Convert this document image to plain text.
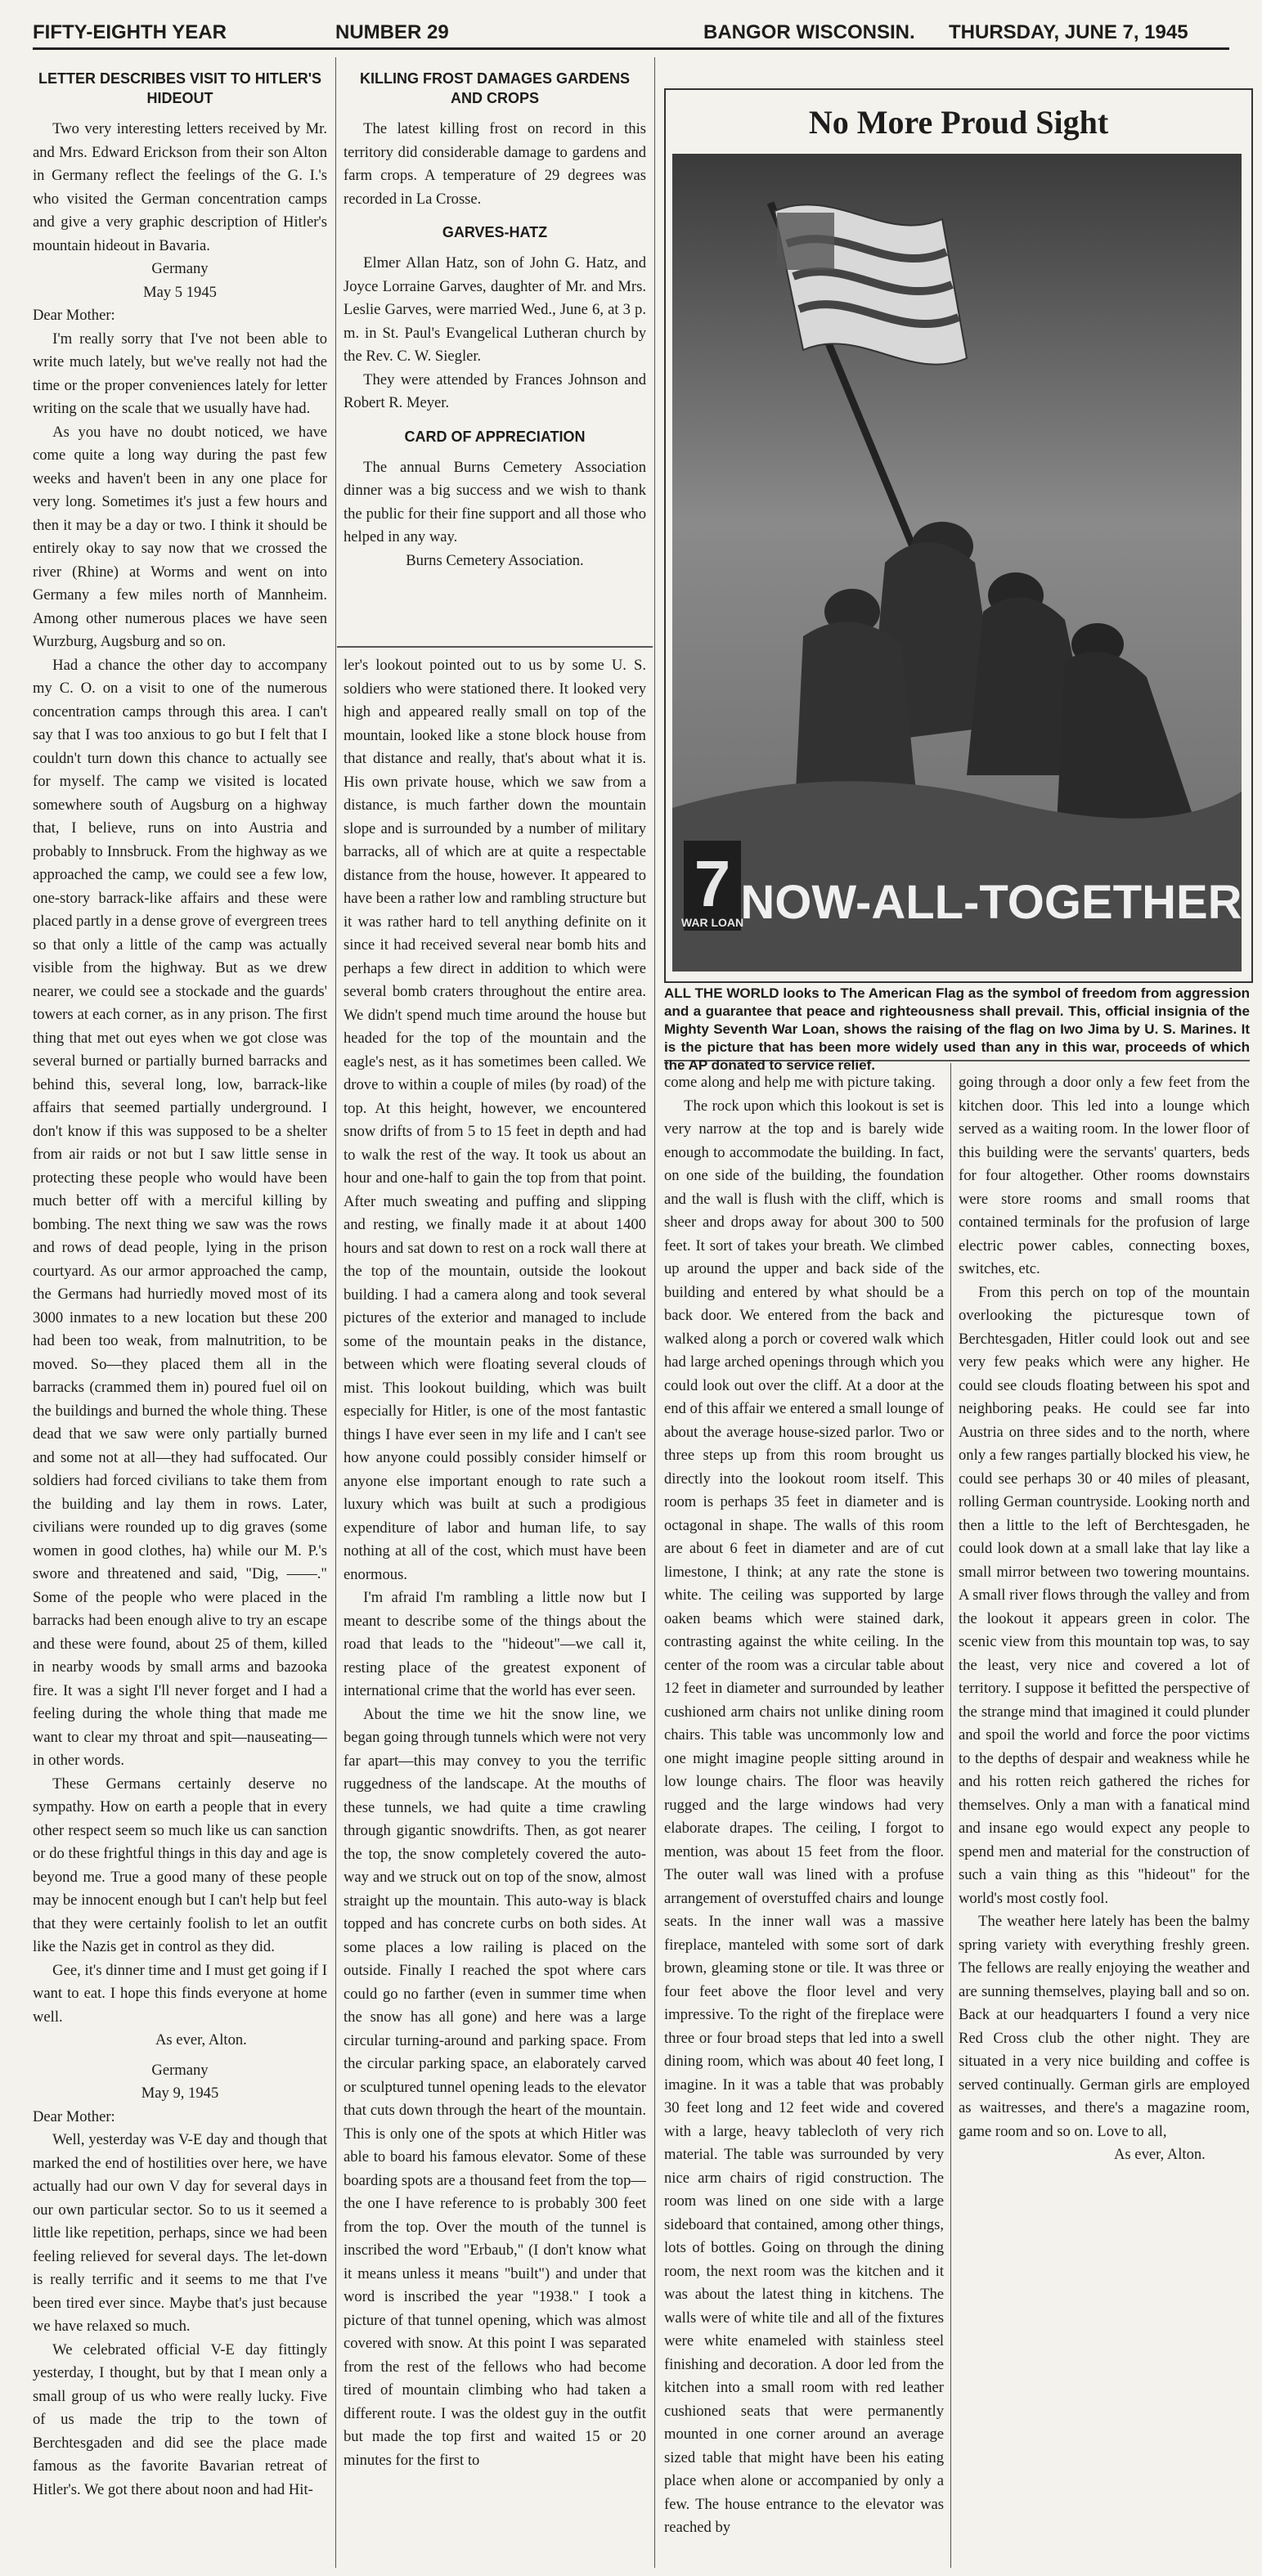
FIFTY-EIGHTH YEAR	NUMBER 29	BANGOR WISCONSIN. THURSDAY, JUNE 7, 1945
LETTER DESCRIBES VISIT TO HITLER'S HIDEOUT

Two very interesting letters received by Mr. and Mrs. Edward Erickson from their son Alton in Germany reflect the feelings of the G. I.'s who visited the German concentration camps and give a very graphic description of Hitler's mountain hideout in Bavaria.

Germany

May 5 1945

Dear Mother:

I'm really sorry that I've not been able to write much lately, but we've really not had the time or the proper conveniences lately for letter writing on the scale that we usually have had.

As you have no doubt noticed, we have come quite a long way during the past few weeks and haven't been in any one place for very long. Sometimes it's just a few hours and then it may be a day or two. I think it should be entirely okay to say now that we crossed the river (Rhine) at Worms and went on into Germany a few miles north of Mannheim. Among other numerous places we have seen Wurzburg, Augsburg and so on.

Had a chance the other day to accompany my C. O. on a visit to one of the numerous concentration camps through this area. I can't say that I was too anxious to go but I felt that I couldn't turn down this chance to actually see for myself. The camp we visited is located somewhere south of Augsburg on a highway that, I believe, runs on into Austria and probably to Innsbruck. From the highway as we approached the camp, we could see a few low, one-story barrack-like affairs and these were placed partly in a dense grove of evergreen trees so that only a little of the camp was actually visible from the highway. But as we drew nearer, we could see a stockade and the guards' towers at each corner, as in any prison. The first thing that met out eyes when we got close was several burned or partially burned barracks and behind this, several long, low, barrack-like affairs that seemed partially underground. I don't know if this was supposed to be a shelter from air raids or not but I saw little sense in protecting these people who would have been much better off with a merciful killing by bombing. The next thing we saw was the rows and rows of dead people, lying in the prison courtyard. As our armor approached the camp, the Germans had hurriedly moved most of its 3000 inmates to a new location but these 200 had been too weak, from malnutrition, to be moved. So—they placed them all in the barracks (crammed them in) poured fuel oil on the buildings and burned the whole thing. These dead that we saw were only partially burned and some not at all—they had suffocated. Our soldiers had forced civilians to take them from the building and lay them in rows. Later, civilians were rounded up to dig graves (some women in good clothes, ha) while our M. P.'s swore and threatened and said, "Dig, ——." Some of the people who were placed in the barracks had been enough alive to try an escape and these were found, about 25 of them, killed in nearby woods by small arms and bazooka fire. It was a sight I'll never forget and I had a feeling during the whole thing that made me want to clear my throat and spit—nauseating—in other words.

These Germans certainly deserve no sympathy. How on earth a people that in every other respect seem so much like us can sanction or do these frightful things in this day and age is beyond me. True a good many of these people may be innocent enough but I can't help but feel that they were certainly foolish to let an outfit like the Nazis get in control as they did.

Gee, it's dinner time and I must get going if I want to eat. I hope this finds everyone at home well.

As ever, Alton.

Germany

May 9, 1945

Dear Mother:

Well, yesterday was V-E day and though that marked the end of hostilities over here, we have actually had our own V day for several days in our own particular sector. So to us it seemed a little like repetition, perhaps, since we had been feeling relieved for several days. The let-down is really terrific and it seems to me that I've been tired ever since. Maybe that's just because we have relaxed so much.

We celebrated official V-E day fittingly yesterday, I thought, but by that I mean only a small group of us who were really lucky. Five of us made the trip to the town of Berchtesgaden and did see the place made famous as the favorite Bavarian retreat of Hitler's. We got there about noon and had Hit-

KILLING FROST DAMAGES GARDENS AND CROPS

The latest killing frost on record in this territory did considerable damage to gardens and farm crops. A temperature of 29 degrees was recorded in La Crosse.

GARVES-HATZ

Elmer Allan Hatz, son of John G. Hatz, and Joyce Lorraine Garves, daughter of Mr. and Mrs. Leslie Garves, were married Wed., June 6, at 3 p. m. in St. Paul's Evangelical Lutheran church by the Rev. C. W. Siegler.

They were attended by Frances Johnson and Robert R. Meyer.

CARD OF APPRECIATION

The annual Burns Cemetery Association dinner was a big success and we wish to thank the public for their fine support and all those who helped in any way.

Burns Cemetery Association.

ler's lookout pointed out to us by some U. S. soldiers who were stationed there. It looked very high and appeared really small on top of the mountain, looked like a stone block house from that distance and really, that's about what it is. His own private house, which we saw from a distance, is much farther down the mountain slope and is surrounded by a number of military barracks, all of which are at quite a respectable distance from the house, however. It appeared to have been a rather low and rambling structure but it was rather hard to tell anything definite on it since it had received several near bomb hits and perhaps a few direct in addition to which were several bomb craters throughout the entire area. We didn't spend much time around the house but headed for the top of the mountain and the eagle's nest, as it has sometimes been called. We drove to within a couple of miles (by road) of the top. At this height, however, we encountered snow drifts of from 5 to 15 feet in depth and had to walk the rest of the way. It took us about an hour and one-half to gain the top from that point. After much sweating and puffing and slipping and resting, we finally made it at about 1400 hours and sat down to rest on a rock wall there at the top of the mountain, outside the lookout building. I had a camera along and took several pictures of the exterior and managed to include some of the mountain peaks in the distance, between which were floating several clouds of mist. This lookout building, which was built especially for Hitler, is one of the most fantastic things I have ever seen in my life and I can't see how anyone could possibly consider himself or anyone else important enough to rate such a luxury which was built at such a prodigious expenditure of labor and human life, to say nothing at all of the cost, which must have been enormous.

I'm afraid I'm rambling a little now but I meant to describe some of the things about the road that leads to the "hideout"—we call it, resting place of the greatest exponent of international crime that the world has ever seen.

About the time we hit the snow line, we began going through tunnels which were not very far apart—this may convey to you the terrific ruggedness of the landscape. At the mouths of these tunnels, we had quite a time crawling through gigantic snowdrifts. Then, as got nearer the top, the snow completely covered the auto-way and we struck out on top of the snow, almost straight up the mountain. This auto-way is black topped and has concrete curbs on both sides. At some places a low railing is placed on the outside. Finally I reached the spot where cars could go no farther (even in summer time when the snow has all gone) and here was a large circular turning-around and parking space. From the circular parking space, an elaborately carved or sculptured tunnel opening leads to the elevator that cuts down through the heart of the mountain. This is only one of the spots at which Hitler was able to board his famous elevator. Some of these boarding spots are a thousand feet from the top—the one I have reference to is probably 300 feet from the top. Over the mouth of the tunnel is inscribed the word "Erbaub," (I don't know what it means unless it means "built") and under that word is inscribed the year "1938." I took a picture of that tunnel opening, which was almost covered with snow. At this point I was separated from the rest of the fellows who had become tired of mountain climbing who had taken a different route. I was the oldest guy in the outfit but made the top first and waited 15 or 20 minutes for the first to

No More Proud Sight
7
WAR LOAN
NOW-ALL-TOGETHER
ALL THE WORLD looks to The American Flag as the symbol of freedom from aggression and a guarantee that peace and righteousness shall prevail. This, official insignia of the Mighty Seventh War Loan, shows the raising of the flag on Iwo Jima by U. S. Marines. It is the picture that has been more widely used than any in this war, proceeds of which the AP donated to service relief.

come along and help me with picture taking.

The rock upon which this lookout is set is very narrow at the top and is barely wide enough to accommodate the building. In fact, on one side of the building, the foundation and the wall is flush with the cliff, which is sheer and drops away for about 300 to 500 feet. It sort of takes your breath. We climbed up around the upper and back side of the building and entered by what should be a back door. We entered from the back and walked along a porch or covered walk which had large arched openings through which you could look out over the cliff. At a door at the end of this affair we entered a small lounge of about the average house-sized parlor. Two or three steps up from this room brought us directly into the lookout room itself. This room is perhaps 35 feet in diameter and is octagonal in shape. The walls of this room are about 6 feet in diameter and are of cut limestone, I think; at any rate the stone is white. The ceiling was supported by large oaken beams which were stained dark, contrasting against the white ceiling. In the center of the room was a circular table about 12 feet in diameter and surrounded by leather cushioned arm chairs not unlike dining room chairs. This table was uncommonly low and one might imagine people sitting around in low lounge chairs. The floor was heavily rugged and the large windows had very elaborate drapes. The ceiling, I forgot to mention, was about 15 feet from the floor. The outer wall was lined with a profuse arrangement of overstuffed chairs and lounge seats. In the inner wall was a massive fireplace, manteled with some sort of dark brown, gleaming stone or tile. It was three or four feet above the floor level and very impressive. To the right of the fireplace were three or four broad steps that led into a swell dining room, which was about 40 feet long, I imagine. In it was a table that was probably 30 feet long and 12 feet wide and covered with a large, heavy tablecloth of very rich material. The table was surrounded by very nice arm chairs of rigid construction. The room was lined on one side with a large sideboard that contained, among other things, lots of bottles. Going on through the dining room, the next room was the kitchen and it was about the latest thing in kitchens. The walls were of white tile and all of the fixtures were white enameled with stainless steel finishing and decoration. A door led from the kitchen into a small room with red leather cushioned seats that were permanently mounted in one corner around an average sized table that might have been his eating place when alone or accompanied by only a few. The house entrance to the elevator was reached by

going through a door only a few feet from the kitchen door. This led into a lounge which served as a waiting room. In the lower floor of this building were the servants' quarters, beds for four altogether. Other rooms downstairs were store rooms and small rooms that contained terminals for the profusion of large electric power cables, connecting boxes, switches, etc.

From this perch on top of the mountain overlooking the picturesque town of Berchtesgaden, Hitler could look out and see very few peaks which were any higher. He could see clouds floating between his spot and neighboring peaks. He could see far into Austria on three sides and to the north, where only a few ranges partially blocked his view, he could see perhaps 30 or 40 miles of pleasant, rolling German countryside. Looking north and then a little to the left of Berchtesgaden, he could look down at a small lake that lay like a small mirror between two towering mountains. A small river flows through the valley and from the lookout it appears green in color. The scenic view from this mountain top was, to say the least, very nice and covered a lot of territory. I suppose it befitted the perspective of the strange mind that imagined it could plunder and spoil the world and force the poor victims to the depths of despair and weakness while he and his rotten reich gathered the riches for themselves. Only a man with a fanatical mind and insane ego would expect any people to spend men and material for the construction of such a vain thing as this "hideout" for the world's most costly fool.

The weather here lately has been the balmy spring variety with everything freshly green. The fellows are really enjoying the weather and are sunning themselves, playing ball and so on. Back at our headquarters I found a very nice Red Cross club the other night. They are situated in a very nice building and coffee is served continually. German girls are employed as waitresses, and there's a magazine room, game room and so on. Love to all,

As ever, Alton.
